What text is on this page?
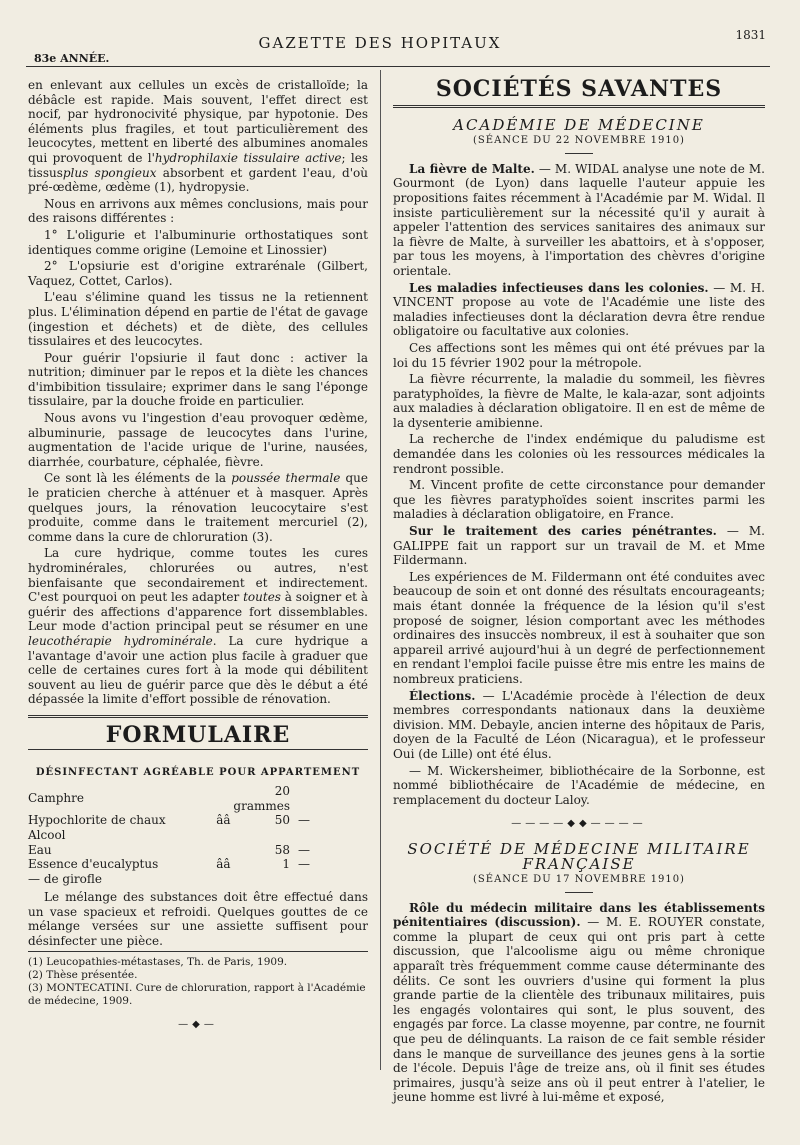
83e ANNÉE.
GAZETTE DES HOPITAUX	1831

en enlevant aux cellules un excès de cristalloïde; la débâcle est rapide. Mais souvent, l'effet direct est nocif, par hydronocivité physique, par hypotonie. Des éléments plus fragiles, et tout particulièrement des leucocytes, mettent en liberté des albumines anomales qui provoquent de l'hydrophilaxie tissulaire active; les tissusplus spongieux absorbent et gardent l'eau, d'où pré-œdème, œdème (1), hydropysie.

Nous en arrivons aux mêmes conclusions, mais pour des raisons différentes :

1° L'oligurie et l'albuminurie orthostatiques sont identiques comme origine (Lemoine et Linossier)

2° L'opsiurie est d'origine extrarénale (Gilbert, Vaquez, Cottet, Carlos).

L'eau s'élimine quand les tissus ne la retiennent plus. L'élimination dépend en partie de l'état de gavage (ingestion et déchets) et de diète, des cellules tissulaires et des leucocytes.

Pour guérir l'opsiurie il faut donc : activer la nutrition; diminuer par le repos et la diète les chances d'imbibition tissulaire; exprimer dans le sang l'éponge tissulaire, par la douche froide en particulier.

Nous avons vu l'ingestion d'eau provoquer œdème, albuminurie, passage de leucocytes dans l'urine, augmentation de l'acide urique de l'urine, nausées, diarrhée, courbature, céphalée, fièvre.

Ce sont là les éléments de la poussée thermale que le praticien cherche à atténuer et à masquer. Après quelques jours, la rénovation leucocytaire s'est produite, comme dans le traitement mercuriel (2), comme dans la cure de chloruration (3).

La cure hydrique, comme toutes les cures hydrominérales, chlorurées ou autres, n'est bienfaisante que secondairement et indirectement. C'est pourquoi on peut les adapter toutes à soigner et à guérir des affections d'apparence fort dissemblables. Leur mode d'action principal peut se résumer en une leucothérapie hydrominérale. La cure hydrique a l'avantage d'avoir une action plus facile à graduer que celle de certaines cures fort à la mode qui débilitent souvent au lieu de guérir parce que dès le début a été dépassée la limite d'effort possible de rénovation.

FORMULAIRE
DÉSINFECTANT AGRÉABLE POUR APPARTEMENT
Camphre		20 grammes	
Hypochlorite de chaux	ââ	50	—
Alcool			
Eau		58	—
Essence d'eucalyptus	ââ	1	—
— de girofle			

Le mélange des substances doit être effectué dans un vase spacieux et refroidi. Quelques gouttes de ce mélange versées sur une assiette suffisent pour désinfecter une pièce.

(1) Leucopathies-métastases, Th. de Paris, 1909.
(2) Thèse présentée.
(3) MONTECATINI. Cure de chloruration, rapport à l'Académie de médecine, 1909.
—◆—
SOCIÉTÉS SAVANTES
ACADÉMIE DE MÉDECINE
(SÉANCE DU 22 NOVEMBRE 1910)

La fièvre de Malte. — M. WIDAL analyse une note de M. Gourmont (de Lyon) dans laquelle l'auteur appuie les propositions faites récemment à l'Académie par M. Widal. Il insiste particulièrement sur la nécessité qu'il y aurait à appeler l'attention des services sanitaires des animaux sur la fièvre de Malte, à surveiller les abattoirs, et à s'opposer, par tous les moyens, à l'importation des chèvres d'origine orientale.

Les maladies infectieuses dans les colonies. — M. H. VINCENT propose au vote de l'Académie une liste des maladies infectieuses dont la déclaration devra être rendue obligatoire ou facultative aux colonies.

Ces affections sont les mêmes qui ont été prévues par la loi du 15 février 1902 pour la métropole.

La fièvre récurrente, la maladie du sommeil, les fièvres paratyphoïdes, la fièvre de Malte, le kala-azar, sont adjoints aux maladies à déclaration obligatoire. Il en est de même de la dysenterie amibienne.

La recherche de l'index endémique du paludisme est demandée dans les colonies où les ressources médicales la rendront possible.

M. Vincent profite de cette circonstance pour demander que les fièvres paratyphoïdes soient inscrites parmi les maladies à déclaration obligatoire, en France.

Sur le traitement des caries pénétrantes. — M. GALIPPE fait un rapport sur un travail de M. et Mme Fildermann.

Les expériences de M. Fildermann ont été conduites avec beaucoup de soin et ont donné des résultats encourageants; mais étant donnée la fréquence de la lésion qu'il s'est proposé de soigner, lésion comportant avec les méthodes ordinaires des insuccès nombreux, il est à souhaiter que son appareil arrivé aujourd'hui à un degré de perfectionnement en rendant l'emploi facile puisse être mis entre les mains de nombreux praticiens.

Élections. — L'Académie procède à l'élection de deux membres correspondants nationaux dans la deuxième division. MM. Debayle, ancien interne des hôpitaux de Paris, doyen de la Faculté de Léon (Nicaragua), et le professeur Oui (de Lille) ont été élus.

— M. Wickersheimer, bibliothécaire de la Sorbonne, est nommé bibliothécaire de l'Académie de médecine, en remplacement du docteur Laloy.

————◆◆————
SOCIÉTÉ DE MÉDECINE MILITAIRE FRANÇAISE
(SÉANCE DU 17 NOVEMBRE 1910)

Rôle du médecin militaire dans les établissements pénitentiaires (discussion). — M. E. ROUYER constate, comme la plupart de ceux qui ont pris part à cette discussion, que l'alcoolisme aigu ou même chronique apparaît très fréquemment comme cause déterminante des délits. Ce sont les ouvriers d'usine qui forment la plus grande partie de la clientèle des tribunaux militaires, puis les engagés volontaires qui sont, le plus souvent, des engagés par force. La classe moyenne, par contre, ne fournit que peu de délinquants. La raison de ce fait semble résider dans le manque de surveillance des jeunes gens à la sortie de l'école. Depuis l'âge de treize ans, où il finit ses études primaires, jusqu'à seize ans où il peut entrer à l'atelier, le jeune homme est livré à lui-même et exposé,
